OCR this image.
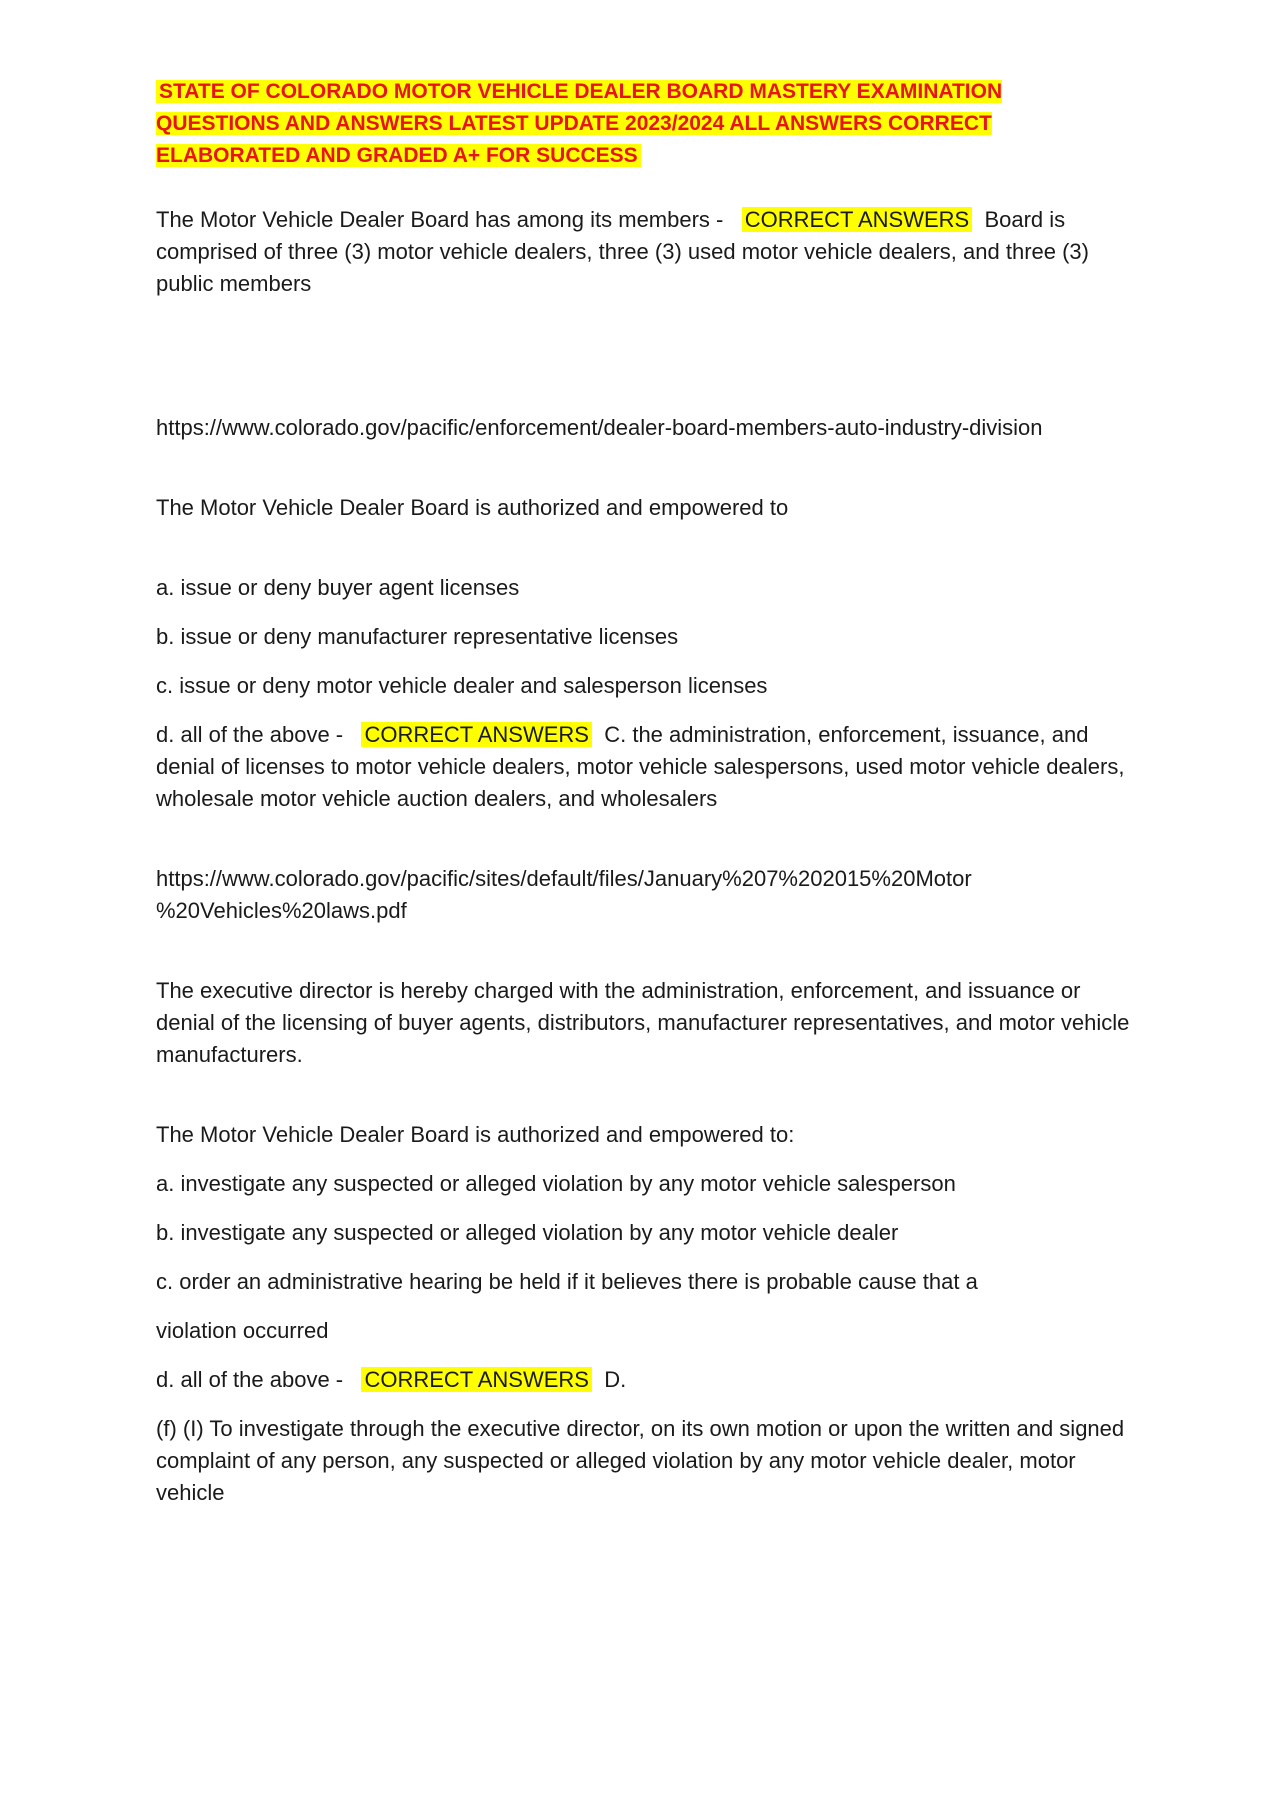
STATE OF COLORADO MOTOR VEHICLE DEALER BOARD MASTERY EXAMINATION QUESTIONS AND ANSWERS LATEST UPDATE 2023/2024 ALL ANSWERS CORRECT ELABORATED AND GRADED A+ FOR SUCCESS

The Motor Vehicle Dealer Board has among its members - CORRECT ANSWERS Board is comprised of three (3) motor vehicle dealers, three (3) used motor vehicle dealers, and three (3) public members

https://www.colorado.gov/pacific/enforcement/dealer-board-members-auto-industry-division

The Motor Vehicle Dealer Board is authorized and empowered to

a. issue or deny buyer agent licenses

b. issue or deny manufacturer representative licenses

c. issue or deny motor vehicle dealer and salesperson licenses

d. all of the above - CORRECT ANSWERS C. the administration, enforcement, issuance, and denial of licenses to motor vehicle dealers, motor vehicle salespersons, used motor vehicle dealers, wholesale motor vehicle auction dealers, and wholesalers

https://www.colorado.gov/pacific/sites/default/files/January%207%202015%20Motor
%20Vehicles%20laws.pdf

The executive director is hereby charged with the administration, enforcement, and issuance or denial of the licensing of buyer agents, distributors, manufacturer representatives, and motor vehicle manufacturers.

The Motor Vehicle Dealer Board is authorized and empowered to:

a. investigate any suspected or alleged violation by any motor vehicle salesperson

b. investigate any suspected or alleged violation by any motor vehicle dealer

c. order an administrative hearing be held if it believes there is probable cause that a

violation occurred

d. all of the above - CORRECT ANSWERS D.

(f) (I) To investigate through the executive director, on its own motion or upon the written and signed complaint of any person, any suspected or alleged violation by any motor vehicle dealer, motor vehicle
